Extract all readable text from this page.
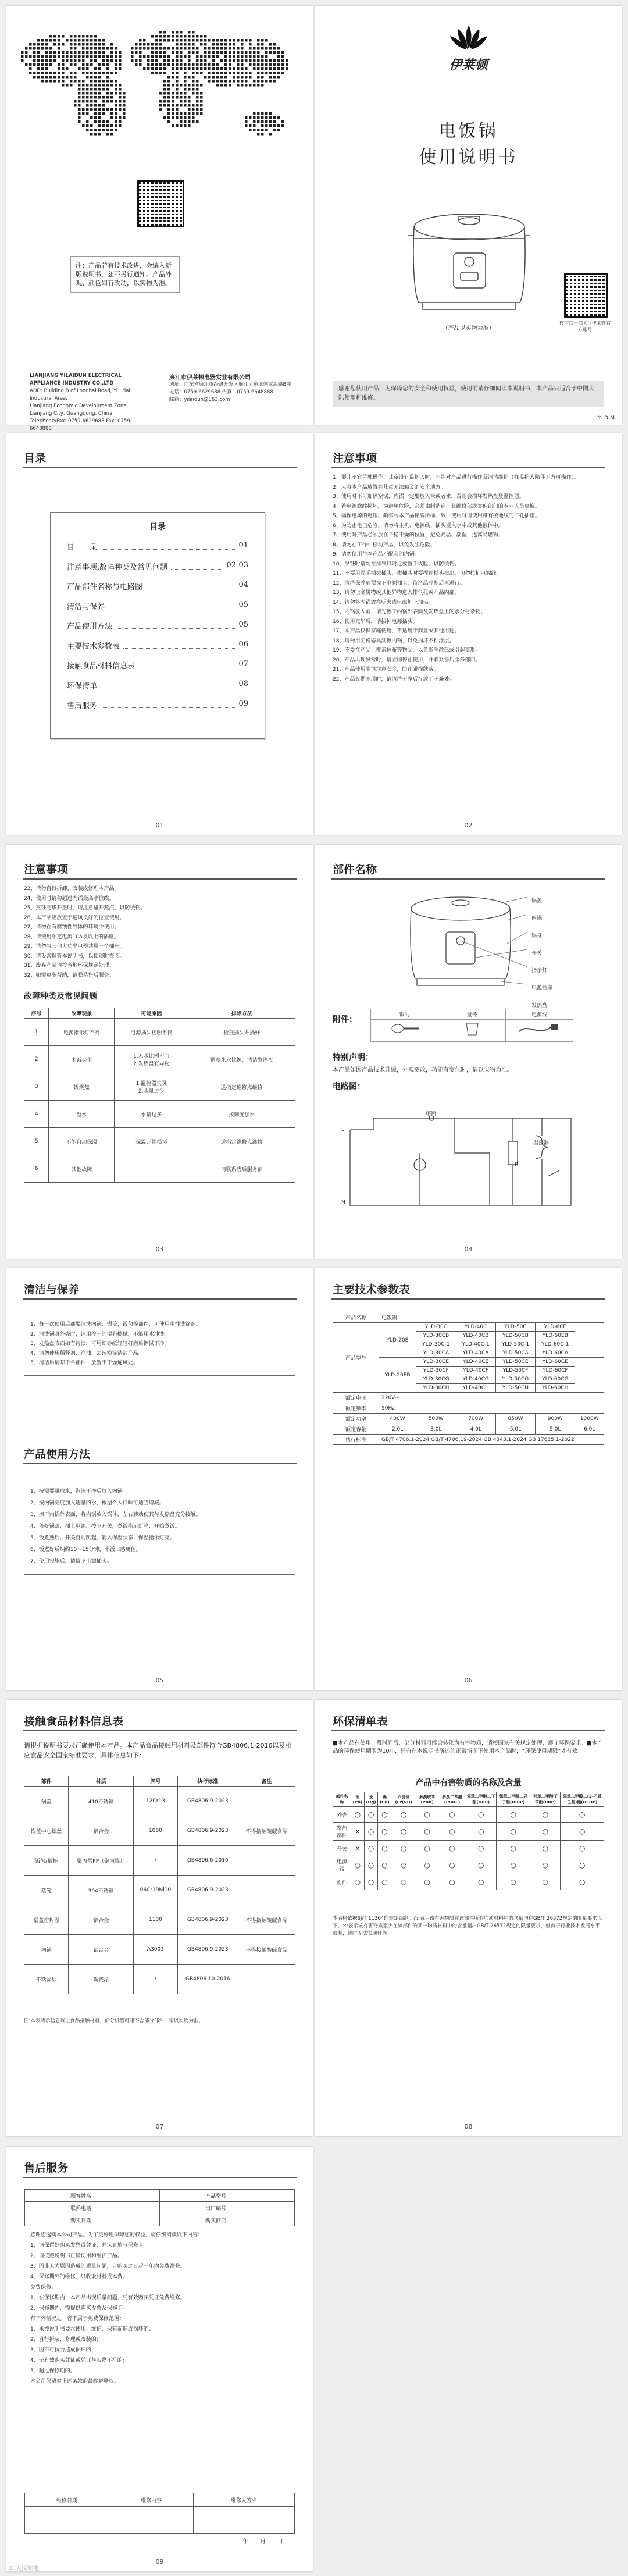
注：产品若有技术改进，会编入新版说明书，恕不另行通知。产品外观、颜色如有改动，以实物为准。
LIANJIANG YILAIDUN ELECTRICAL APPLIANCE INDUSTRY CO.,LTD
ADD: Building B of Longhai Road, Yi...rial Industrial Area,
Lianjiang Economic Development Zone, Lianjiang City, Guangdong, China
Telephone/Fax: 0759-6629688 Fax: 0759-6648888
廉江市伊莱顿电器实业有限公司
地址：广东省廉江市经济开发区廉江大道北侧龙海路B座
电话：0759-6629688 传真：0759-6648888
邮箱：yilaidun@163.com
伊莱顿
电饭锅
使用说明书
（产品以实物为准）
微信扫一扫关注伊莱顿官方账号
感谢您使用产品，为保障您的安全和使用权益，使用前请仔细阅读本说明书，本产品只适合于中国大陆使用和维修。
YLD-M
目录
目录
目　　录	01
注意事项,故障种类及常见问题	02-03
产品部件名称与电路图	04
清洁与保养	05
产品使用方法	05
主要技术参数表	06
接触食品材料信息表	07
环保清单	08
售后服务	09
01
注意事项
1、婴儿不宜单独操作：儿童没有监护人时，不能对产品进行操作及清洁维护（在监护人陪伴下方可操作）。
2、应将本产品放置在儿童无法触及的安全地方。
3、使用时不可加热空锅，内锅一定要放入米或者水，否则会损坏发热盘及温控器。
4、若电源软线损坏，为避免危险，必须由制造商、其维修部或类似部门的专业人员更换。
5、确保电源的电压、频率与本产品铭牌所标一致，使用时请使用带有接地线的三孔插座。
6、为防止电击危险，请勿将主机、电源线、插头浸入水中或其他液体中。
7、使用时产品必须放在平稳干燥的位置，避免高温、潮湿，远离易燃物。
8、请勿在工作中移动产品，以免发生危险。
9、请勿使用与本产品不配套的内锅。
10、烹饪时请勿在排气口附近放置手或脸，以防烫伤。
11、不要用湿手插拔插头，拔插头时要捏住插头拔出，切勿拉扯电源线。
12、清洁保养前须拔下电源插头，待产品冷却后再进行。
13、请勿让金属物或其他异物进入排气孔或产品内部。
14、请勿将内锅放在明火或电磁炉上加热。
15、内锅放入前，请先擦干内锅外表面及发热盘上的水分与杂物。
16、使用完毕后，请拔掉电源插头。
17、本产品仅供家庭使用，不适用于商业或其他用途。
18、请勿用尖锐器具刮擦内锅，以免损坏不粘涂层。
19、不要在产品上覆盖抹布等物品，以免影响散热或引起变形。
20、产品出现异常时，请立即停止使用，并联系售后服务部门。
21、产品使用中请注意安全，防止碰撞跌落。
22、产品长期不用时，请清洁干净后存放于干燥处。
02
注意事项
23、请勿自行拆卸、改装或修理本产品。
24、使用时请勿超过内锅最高水位线。
25、烹饪完毕开盖时，请注意避开蒸汽，以防烫伤。
26、本产品应放置于通风良好的位置使用。
27、请勿在有腐蚀性气体的环境中使用。
28、请使用额定电流10A及以上的插座。
29、请勿与其他大功率电器共用一个插座。
30、请妥善保管本说明书，以便随时查阅。
31、废弃产品请按当地环保规定处理。
32、如需更多帮助，请联系售后服务。
故障种类及常见问题
序号	故障现象	可能原因	排除方法
1	电源指示灯不亮	电源插头接触不良	检查插头并插好
2	米饭夹生	1.米水比例不当
2.发热盘有异物	调整米水比例，清洁发热盘
3	饭烧焦	1.温控器失灵
2.水量过少	送指定维修点维修
4	溢水	水量过多	按刻度加水
5	不能自动保温	保温元件损坏	送指定维修点维修
6	其他故障		请联系售后服务部
03
部件名称
锅盖
内锅
锅身
开关
指示灯
电源插座
发热盘
附件：	饭勺	量杯	电源线
特别声明：
本产品如因产品技术升级，外观更改，功能有变化时，请以实物为准。
电路图：
熔断
温控器
R
L
N
04
清洁与保养
1、每一次使用后都要清洗内锅、锅盖、饭勺等部件，可使用中性洗涤剂。
2、清洗锅身外壳时，请用拧干的湿布擦拭，不能用水冲洗。
3、发热盘表面如有污渍，可用细砂纸轻轻打磨后擦拭干净。
4、请勿使用稀释剂、汽油、去污粉等清洁产品。
5、清洁后请晾干各部件，放置于干燥通风处。
产品使用方法
1、按需要量取米，淘洗干净后放入内锅。
2、按内锅刻度加入适量的水，根据个人口味可适当增减。
3、擦干内锅外表面，将内锅放入锅体，左右转动使其与发热盘充分接触。
4、盖好锅盖，插上电源，按下开关，煮饭指示灯亮，开始煮饭。
5、饭煮熟后，开关自动跳起，转入保温状态，保温指示灯亮。
6、饭煮好后焖约10～15分钟，米饭口感更佳。
7、使用完毕后，请拔下电源插头。
05
主要技术参数表
产品名称	电饭锅					
产品型号	YLD-20B	YLD-30C	YLD-40C	YLD-50C	YLD-60E	
		YLD-30CB	YLD-40CB	YLD-50CB	YLD-60EB	
		YLD-30C-1	YLD-40C-1	YLD-50C-1	YLD-60C-1	
		YLD-30CA	YLD-40CA	YLD-50CA	YLD-60CA	
	YLD-20EB	YLD-30CE	YLD-40CE	YLD-50CE	YLD-60CE	
		YLD-30CF	YLD-40CF	YLD-50CF	YLD-60CF	
		YLD-30CG	YLD-40CG	YLD-50CG	YLD-60CG	
		YLD-30CH	YLD-40CH	YLD-50CH	YLD-60CH	
额定电压	220V~					
额定频率	50Hz					
额定功率	400W	500W	700W	850W	900W	1000W
额定容量	2.0L	3.0L	4.0L	5.0L	5.0L	6.0L
执行标准	GB/T 4706.1-2024 GB/T 4706.19-2024 GB 4343.1-2024 GB 17625.1-2022					
06
接触食品材料信息表
请根据说明书要求正确使用本产品。本产品食品接触用材料及部件符合GB4806.1-2016以及相应食品安全国家标准要求，具体信息如下：
部件	材质	牌号	执行标准	备注
锅盖	410不锈钢	12Cr13	GB4806.9-2023	
锅盖中心螺丝	铝合金	1060	GB4806.9-2023	不得接触酸碱食品
饭勺/量杯	聚丙烯PP（聚丙烯）	/	GB4806.6-2016	
蒸笼	304不锈钢	06Cr19Ni10	GB4806.9-2023	
锅盖密封圈	铝合金	1100	GB4806.9-2023	不得接触酸碱食品
内锅	铝合金	A3003	GB4806.9-2023	不得接触酸碱食品
不粘涂层	陶瓷涂	/	GB4806.10-2016	
注:本表所示信息以上食品接触材料，部分机型可能不含部分部件，请以实物为准。
07
环保清单表
■本产品在使用一段时间后，部分材料可能会转化为有害物质，请按国家有关规定处理，遵守环保要求。■本产品的环保使用期限为10年，只有在本说明书所述的正常情况下使用本产品时，“环保使用期限”才有效。
产品中有害物质的名称及含量
部件名称	铅(Pb)	汞(Hg)	镉(Cd)	六价铬(Cr(VI))	多溴联苯(PBB)	多溴二苯醚(PBDE)	邻苯二甲酸二丁酯(DBP)	邻苯二甲酸二异丁酯(DIBP)	邻苯二甲酸丁苄酯(BBP)	邻苯二甲酸二(2-乙基己基)酯(DEHP)
外壳	○	○	○	○	○	○	○	○	○	○
发热部件	×	○	○	○	○	○	○	○	○	○
开关	×	○	○	○	○	○	○	○	○	○
电源线	○	○	○	○	○	○	○	○	○	○
附件	○	○	○	○	○	○	○	○	○	○
本表格依据SJ/T 11364的规定编制。○:表示该有害物质在该部件所有均质材料中的含量均在GB/T 26572规定的限量要求以下。×:表示该有害物质至少在该部件的某一均质材料中的含量超出GB/T 26572规定的限量要求，但由于行业技术发展水平限制，暂时无法实现替代。
08
售后服务
顾客姓名		产品型号	
联系电话		出厂编号	
购买日期		购买商店	
感谢您选购本公司产品，为了更好地保障您的权益，请仔细阅读以下内容：
1、请保留好购买发票或凭证，并认真填写保修卡。
2、请按照说明书正确使用和维护产品。
3、因非人为原因造成的质量问题，自购买之日起一年内免费维修。
4、保修期外的维修，只收取材料成本费。
免费保修：
1、在保修期内，本产品出现质量问题，凭有效购买凭证免费维修。
2、保修期内，需提供购买发票及保修卡。
有下列情况之一者不属于免费保修范围：
1、未按说明书要求使用、维护、保管而造成损坏的；
2、自行拆装、修理或改装的；
3、因不可抗力造成损坏的；
4、无有效购买凭证或凭证与实物不符的；
5、超过保修期的。
本公司保留对上述条款的最终解释权。
维修日期	维修内容	维修人签名

年　　月　　日
09
© 人民邮电
